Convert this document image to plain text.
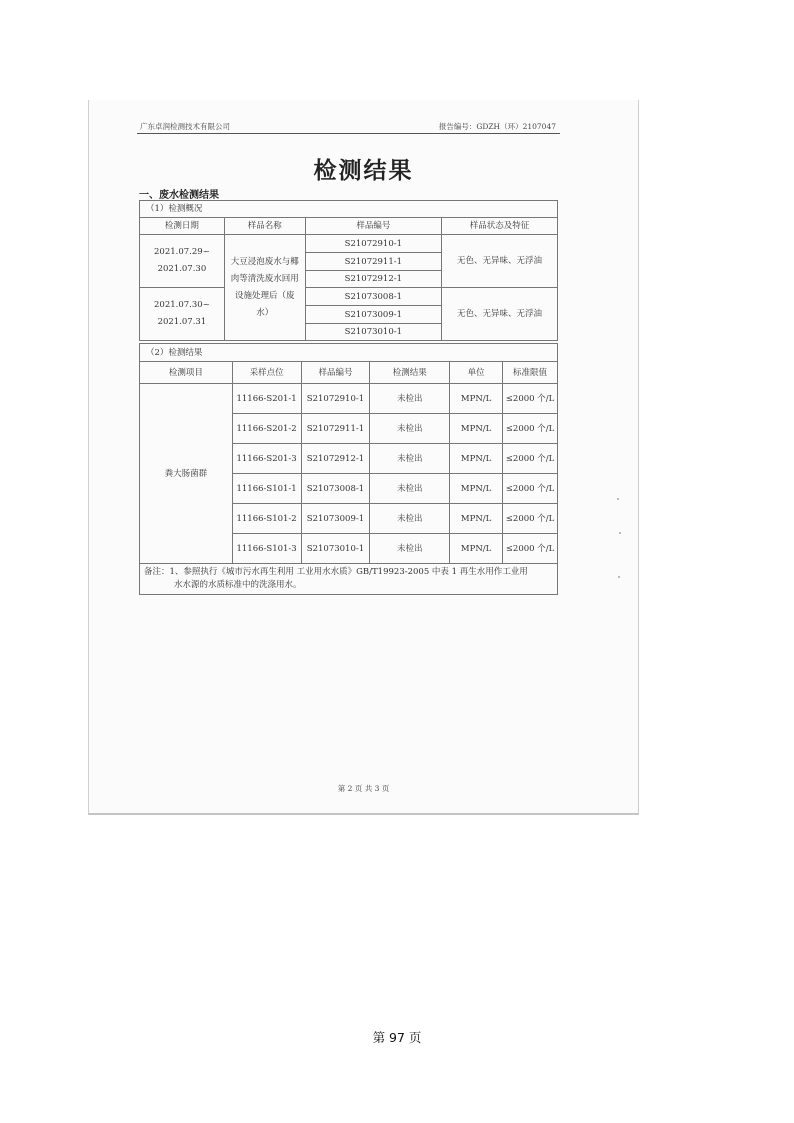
广东卓润检测技术有限公司	报告编号：GDZH（环）2107047
检测结果
一、废水检测结果
（1）检测概况			
检测日期	样品名称	样品编号	样品状态及特征
2021.07.29~ 2021.07.30	大豆浸泡废水与椰肉等清洗废水回用设施处理后（废水）	S21072910-1	无色、无异味、无浮油
		S21072911-1	
		S21072912-1	
2021.07.30~ 2021.07.31		S21073008-1	无色、无异味、无浮油
		S21073009-1	
		S21073010-1	
（2）检测结果					
检测项目	采样点位	样品编号	检测结果	单位	标准限值
粪大肠菌群	11166-S201-1	S21072910-1	未检出	MPN/L	≤2000 个/L
	11166-S201-2	S21072911-1	未检出	MPN/L	≤2000 个/L
	11166-S201-3	S21072912-1	未检出	MPN/L	≤2000 个/L
	11166-S101-1	S21073008-1	未检出	MPN/L	≤2000 个/L
	11166-S101-2	S21073009-1	未检出	MPN/L	≤2000 个/L
	11166-S101-3	S21073010-1	未检出	MPN/L	≤2000 个/L
备注：1、参照执行《城市污水再生利用 工业用水水质》GB/T19923-2005 中表 1 再生水用作工业用
水水源的水质标准中的洗涤用水。					
第 2 页 共 3 页
第 97 页
